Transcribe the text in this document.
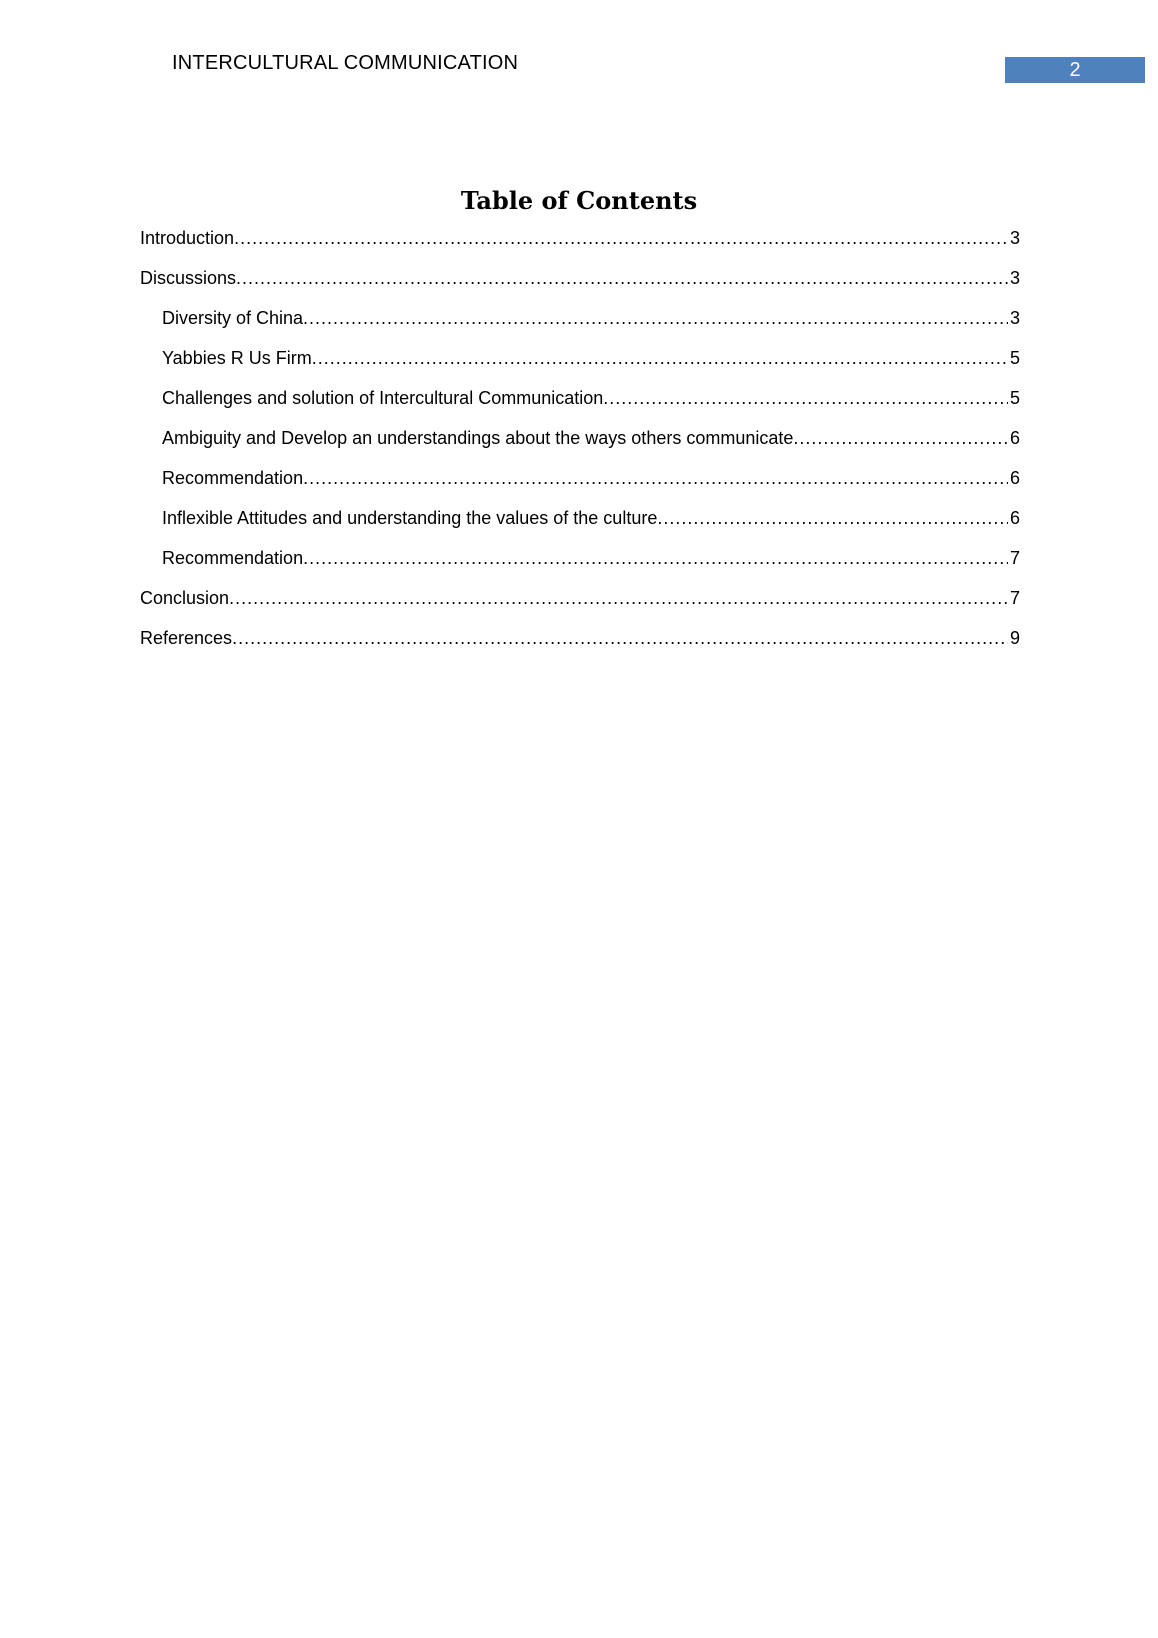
INTERCULTURAL COMMUNICATION	2
Table of Contents
Introduction .....	3
Discussions .....	3
Diversity of China .....	3
Yabbies R Us Firm .....	5
Challenges and solution of Intercultural Communication .....	5
Ambiguity and Develop an understandings about the ways others communicate .....	6
Recommendation .....	6
Inflexible Attitudes and understanding the values of the culture .....	6
Recommendation .....	7
Conclusion .....	7
References .....	9
